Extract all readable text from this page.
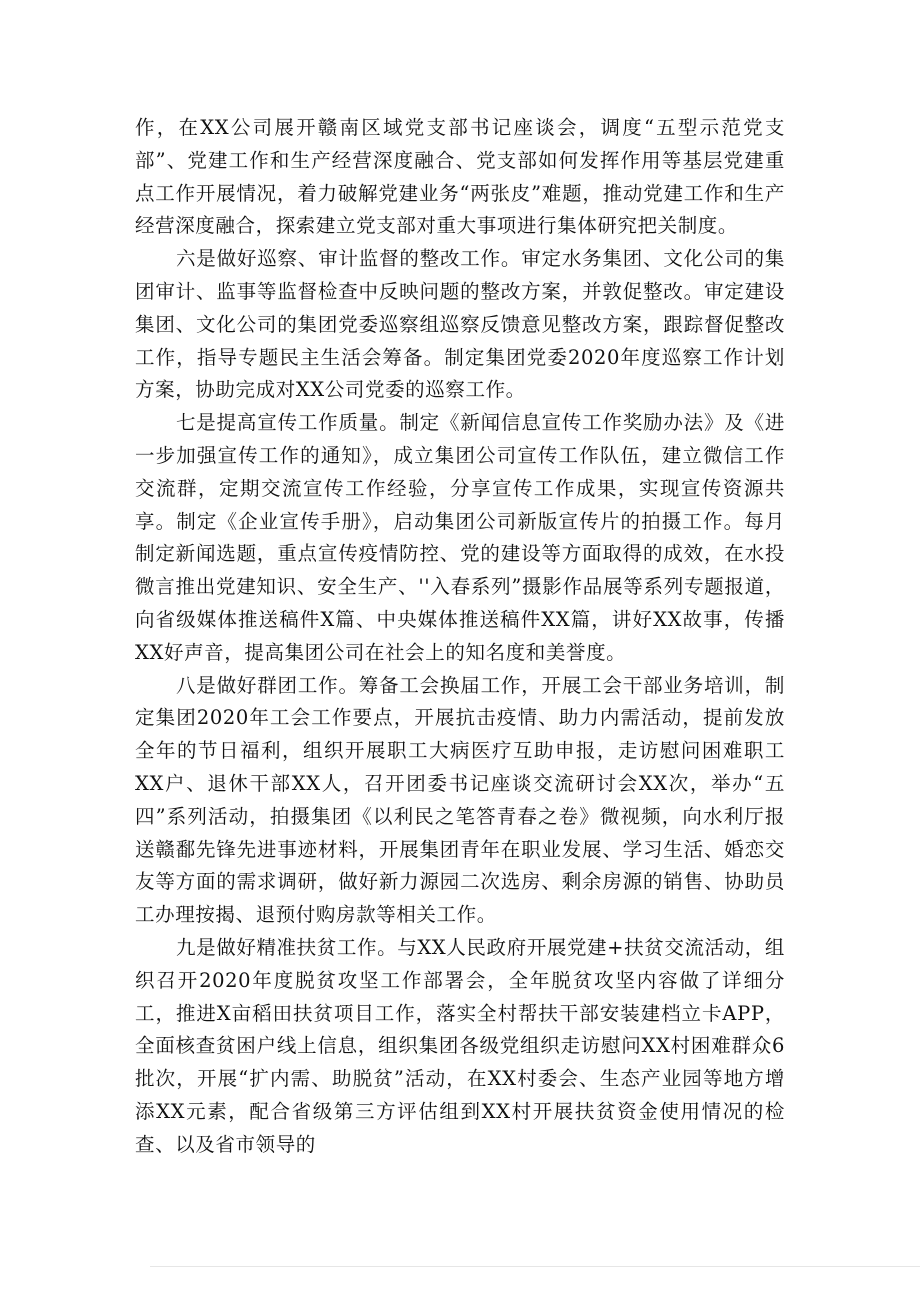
作，在XX公司展开赣南区域党支部书记座谈会，调度“五型示范党支部”、党建工作和生产经营深度融合、党支部如何发挥作用等基层党建重点工作开展情况，着力破解党建业务“两张皮”难题，推动党建工作和生产经营深度融合，探索建立党支部对重大事项进行集体研究把关制度。

六是做好巡察、审计监督的整改工作。审定水务集团、文化公司的集团审计、监事等监督检查中反映问题的整改方案，并敦促整改。审定建设集团、文化公司的集团党委巡察组巡察反馈意见整改方案，跟踪督促整改工作，指导专题民主生活会筹备。制定集团党委2020年度巡察工作计划方案，协助完成对XX公司党委的巡察工作。

七是提高宣传工作质量。制定《新闻信息宣传工作奖励办法》及《进一步加强宣传工作的通知》，成立集团公司宣传工作队伍，建立微信工作交流群，定期交流宣传工作经验，分享宣传工作成果，实现宣传资源共享。制定《企业宣传手册》，启动集团公司新版宣传片的拍摄工作。每月制定新闻选题，重点宣传疫情防控、党的建设等方面取得的成效，在水投微言推出党建知识、安全生产、''入春系列”摄影作品展等系列专题报道，向省级媒体推送稿件X篇、中央媒体推送稿件XX篇，讲好XX故事，传播XX好声音，提高集团公司在社会上的知名度和美誉度。

八是做好群团工作。筹备工会换届工作，开展工会干部业务培训，制定集团2020年工会工作要点，开展抗击疫情、助力内需活动，提前发放全年的节日福利，组织开展职工大病医疗互助申报，走访慰问困难职工XX户、退休干部XX人，召开团委书记座谈交流研讨会XX次，举办“五四”系列活动，拍摄集团《以利民之笔答青春之卷》微视频，向水利厅报送赣鄱先锋先进事迹材料，开展集团青年在职业发展、学习生活、婚恋交友等方面的需求调研，做好新力源园二次选房、剩余房源的销售、协助员工办理按揭、退预付购房款等相关工作。

九是做好精准扶贫工作。与XX人民政府开展党建+扶贫交流活动，组织召开2020年度脱贫攻坚工作部署会，全年脱贫攻坚内容做了详细分工，推进X亩稻田扶贫项目工作，落实全村帮扶干部安装建档立卡APP，全面核查贫困户线上信息，组织集团各级党组织走访慰问XX村困难群众6批次，开展“扩内需、助脱贫”活动，在XX村委会、生态产业园等地方增添XX元素，配合省级第三方评估组到XX村开展扶贫资金使用情况的检查、以及省市领导的
